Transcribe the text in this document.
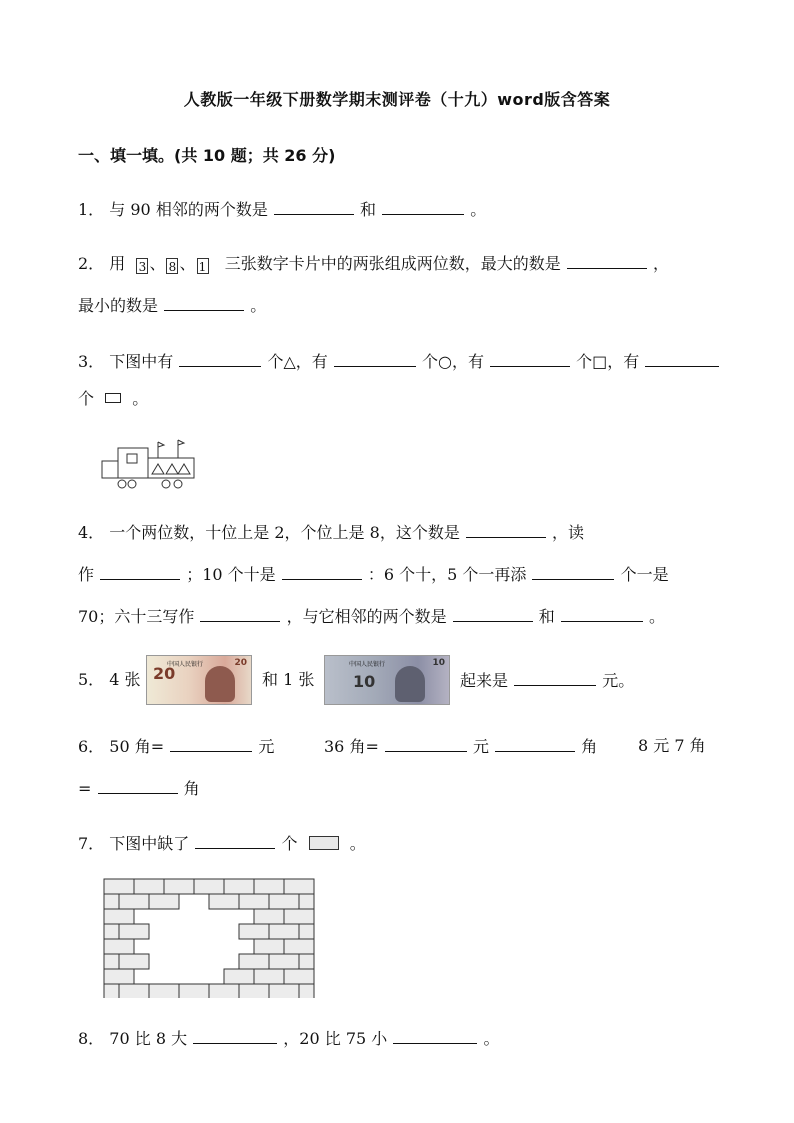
人教版一年级下册数学期末测评卷（十九）word版含答案
一、填一填。(共 10 题；共 26 分)
1． 与 90 相邻的两个数是	和	。
2． 用 3 、 8 、 1 三张数字卡片中的两张组成两位数，最大的数是	，
最小的数是	。
3． 下图中有	个△，有	个○，有	个□，有
个 。
4． 一个两位数，十位上是 2，个位上是 8，这个数是	，读
作	；10 个十是	：6 个十，5 个一再添	个一是
70；六十三写作	，与它相邻的两个数是	和	。
5． 4 张
中国人民银行
20
20
和 1 张
中国人民银行
10
10
起来是	元。
6． 50 角=	元	36 角=	元	角	8 元 7 角
=	角
7． 下图中缺了	个	。
8． 70 比 8 大	，20 比 75 小	。
